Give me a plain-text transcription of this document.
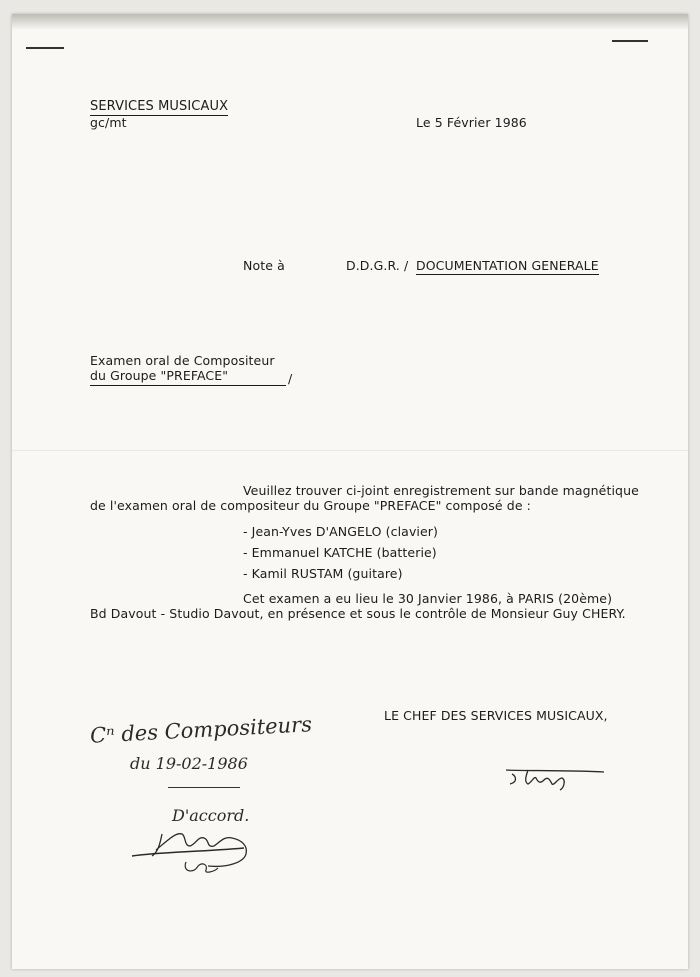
SERVICES MUSICAUX
gc/mt	Le 5 Février 1986
Note à	D.D.G.R. / DOCUMENTATION GENERALE
Examen oral de Compositeur
du Groupe "PREFACE"	/
Veuillez trouver ci-joint enregistrement sur bande magnétique
de l'examen oral de compositeur du Groupe "PREFACE" composé de :
- Jean-Yves D'ANGELO (clavier)
- Emmanuel KATCHE (batterie)
- Kamil RUSTAM (guitare)
Cet examen a eu lieu le 30 Janvier 1986, à PARIS (20ème)
Bd Davout - Studio Davout, en présence et sous le contrôle de Monsieur Guy CHERY.
LE CHEF DES SERVICES MUSICAUX,
Cⁿ des Compositeurs
du 19-02-1986
D'accord.
